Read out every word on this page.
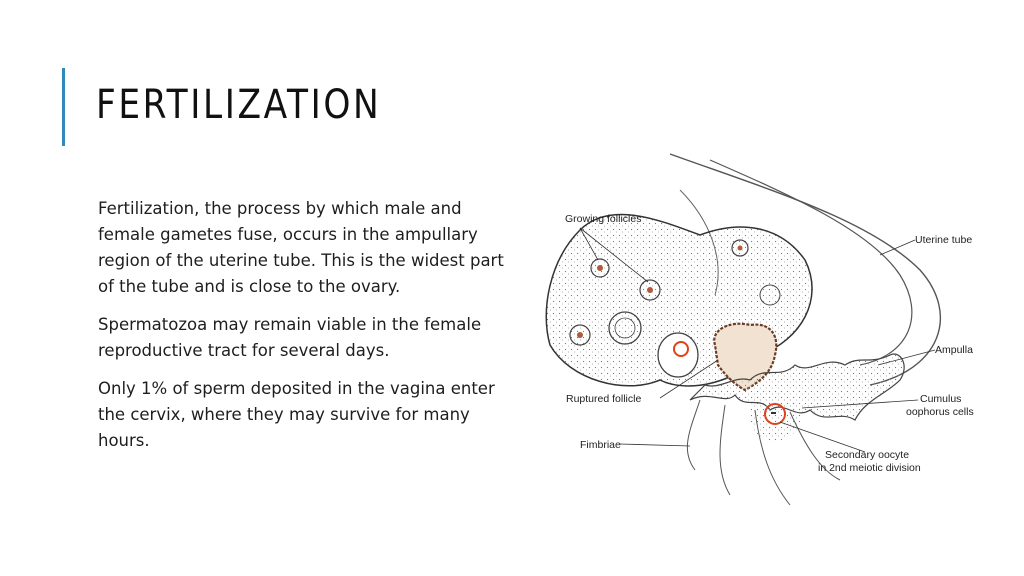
FERTILIZATION

Fertilization, the process by which male and female gametes fuse, occurs in the ampullary region of the uterine tube. This is the widest part of the tube and is close to the ovary.

Spermatozoa may remain viable in the female reproductive tract for several days.

Only 1% of sperm deposited in the vagina enter the cervix, where they may survive for many hours.

Growing follicles
Uterine tube
Ampulla
Ruptured follicle	Cumulus
oophorus cells
Fimbriae
Secondary oocyte
in 2nd meiotic division
